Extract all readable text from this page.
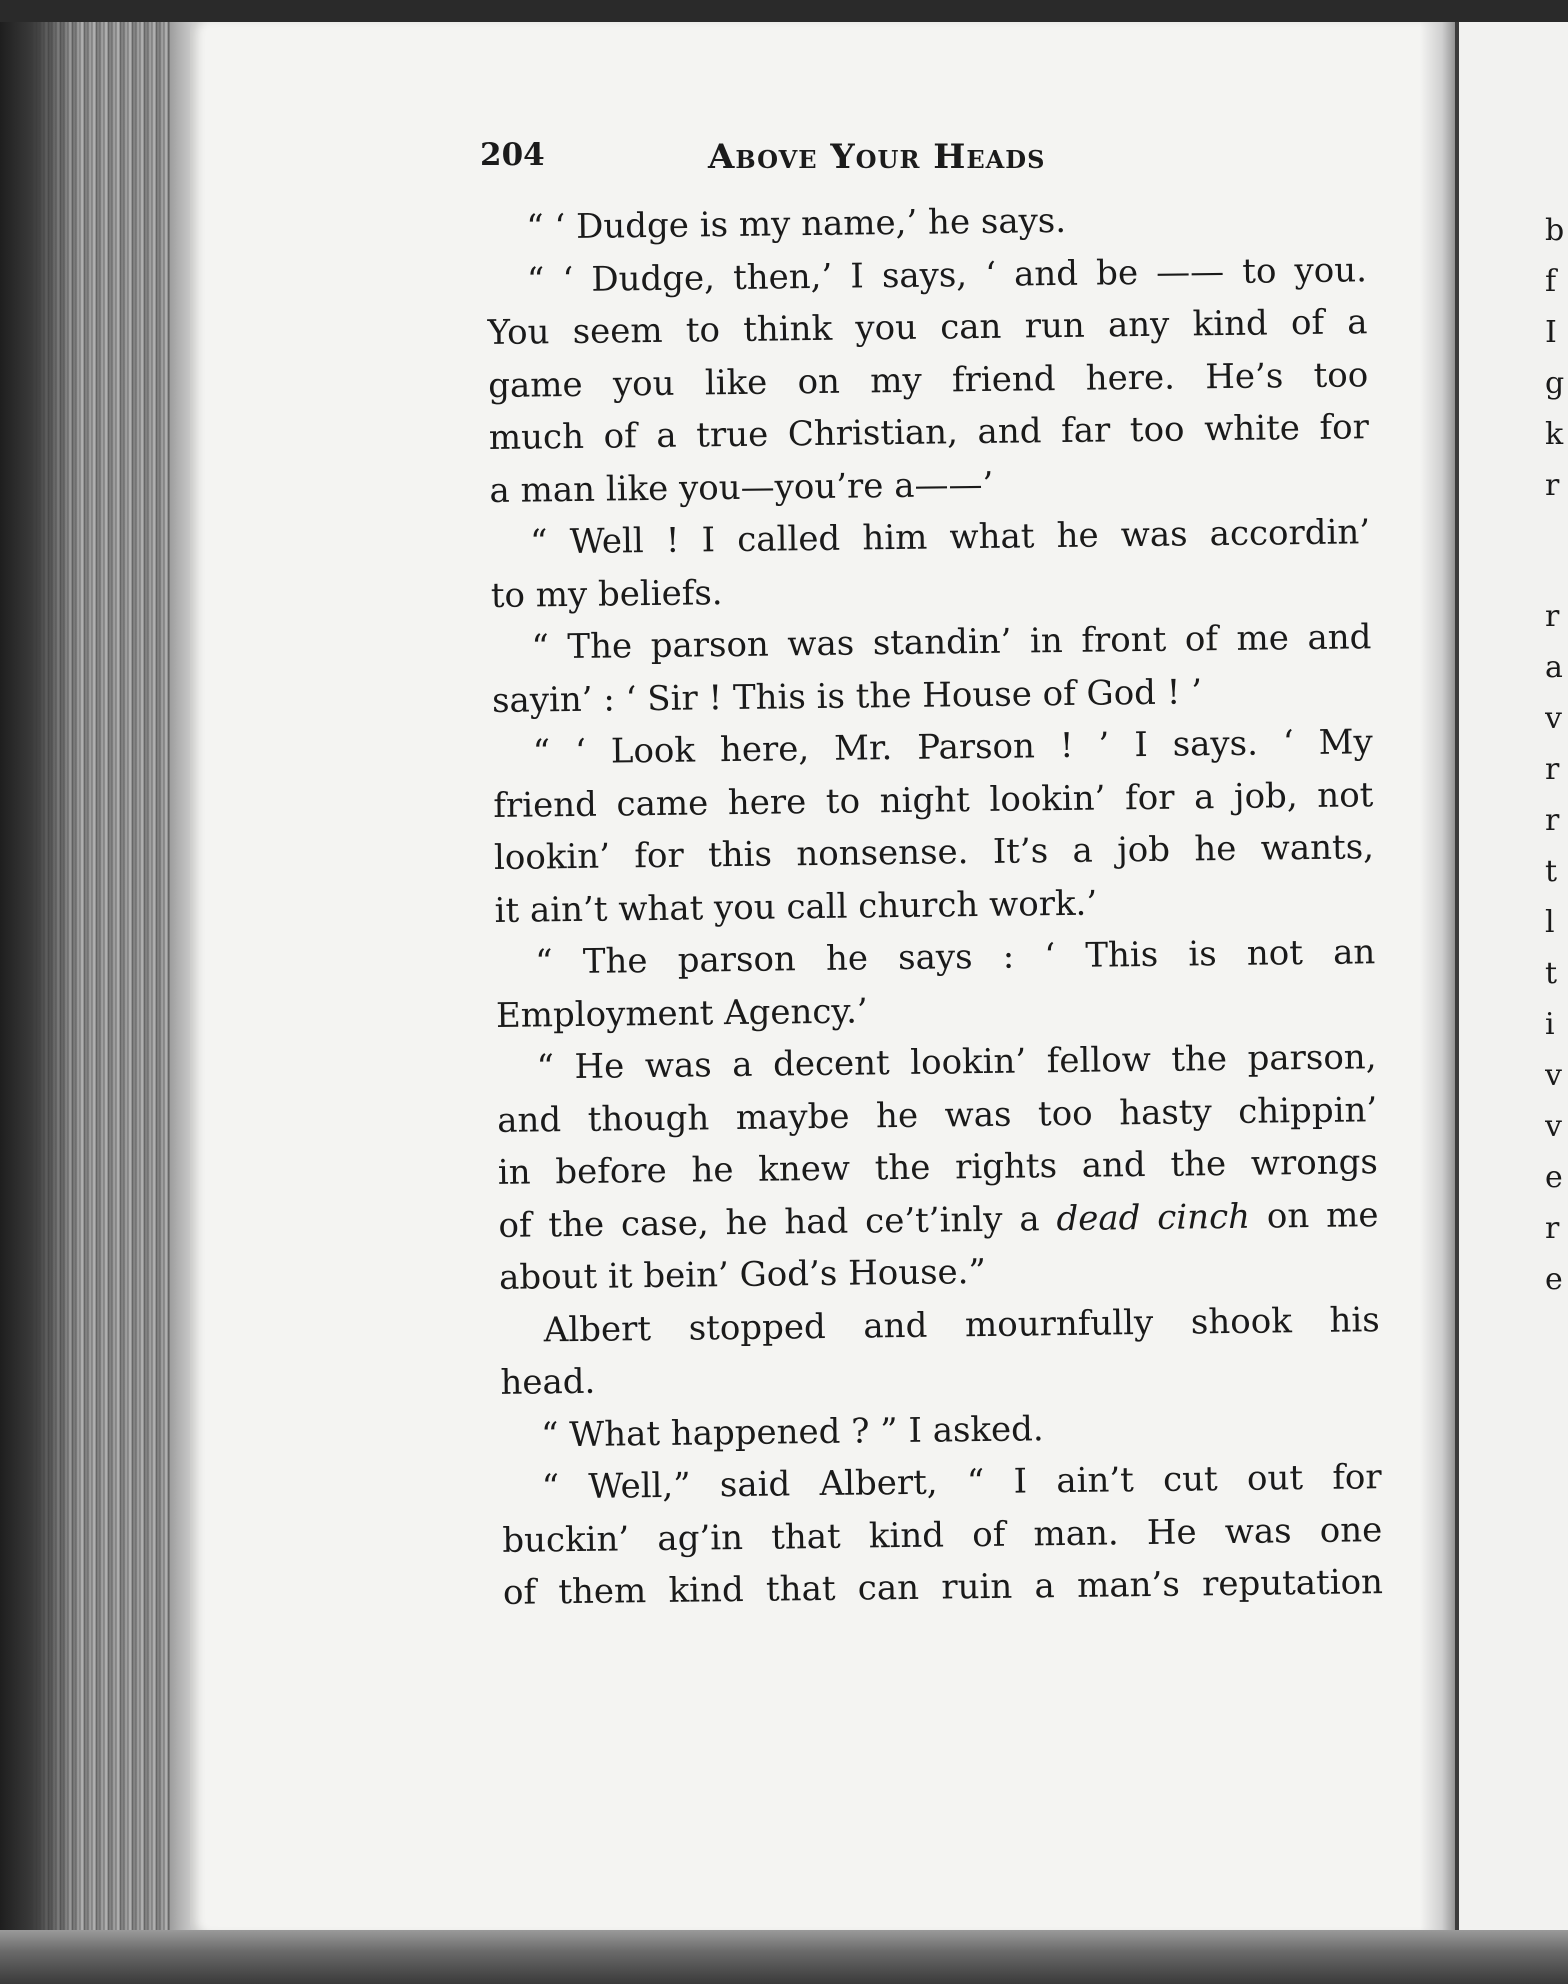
b
f
I
g
k
r
r
a
v
r
r
t
l
t
i
v
v
e
r
e
204	Above Your Heads
“ ‘ Dudge is my name,’ he says.
“ ‘ Dudge, then,’ I says, ‘ and be —— to you.
You seem to think you can run any kind of a
game you like on my friend here. He’s too
much of a true Christian, and far too white for
a man like you—you’re a——’
“ Well ! I called him what he was accordin’
to my beliefs.
“ The parson was standin’ in front of me and
sayin’ : ‘ Sir ! This is the House of God ! ’
“ ‘ Look here, Mr. Parson ! ’ I says. ‘ My
friend came here to night lookin’ for a job, not
lookin’ for this nonsense. It’s a job he wants,
it ain’t what you call church work.’
“ The parson he says : ‘ This is not an
Employment Agency.’
“ He was a decent lookin’ fellow the parson,
and though maybe he was too hasty chippin’
in before he knew the rights and the wrongs
of the case, he had ce’t’inly a dead cinch on me
about it bein’ God’s House.”
Albert stopped and mournfully shook his
head.
“ What happened ? ” I asked.
“ Well,” said Albert, “ I ain’t cut out for
buckin’ ag’in that kind of man. He was one
of them kind that can ruin a man’s reputation
